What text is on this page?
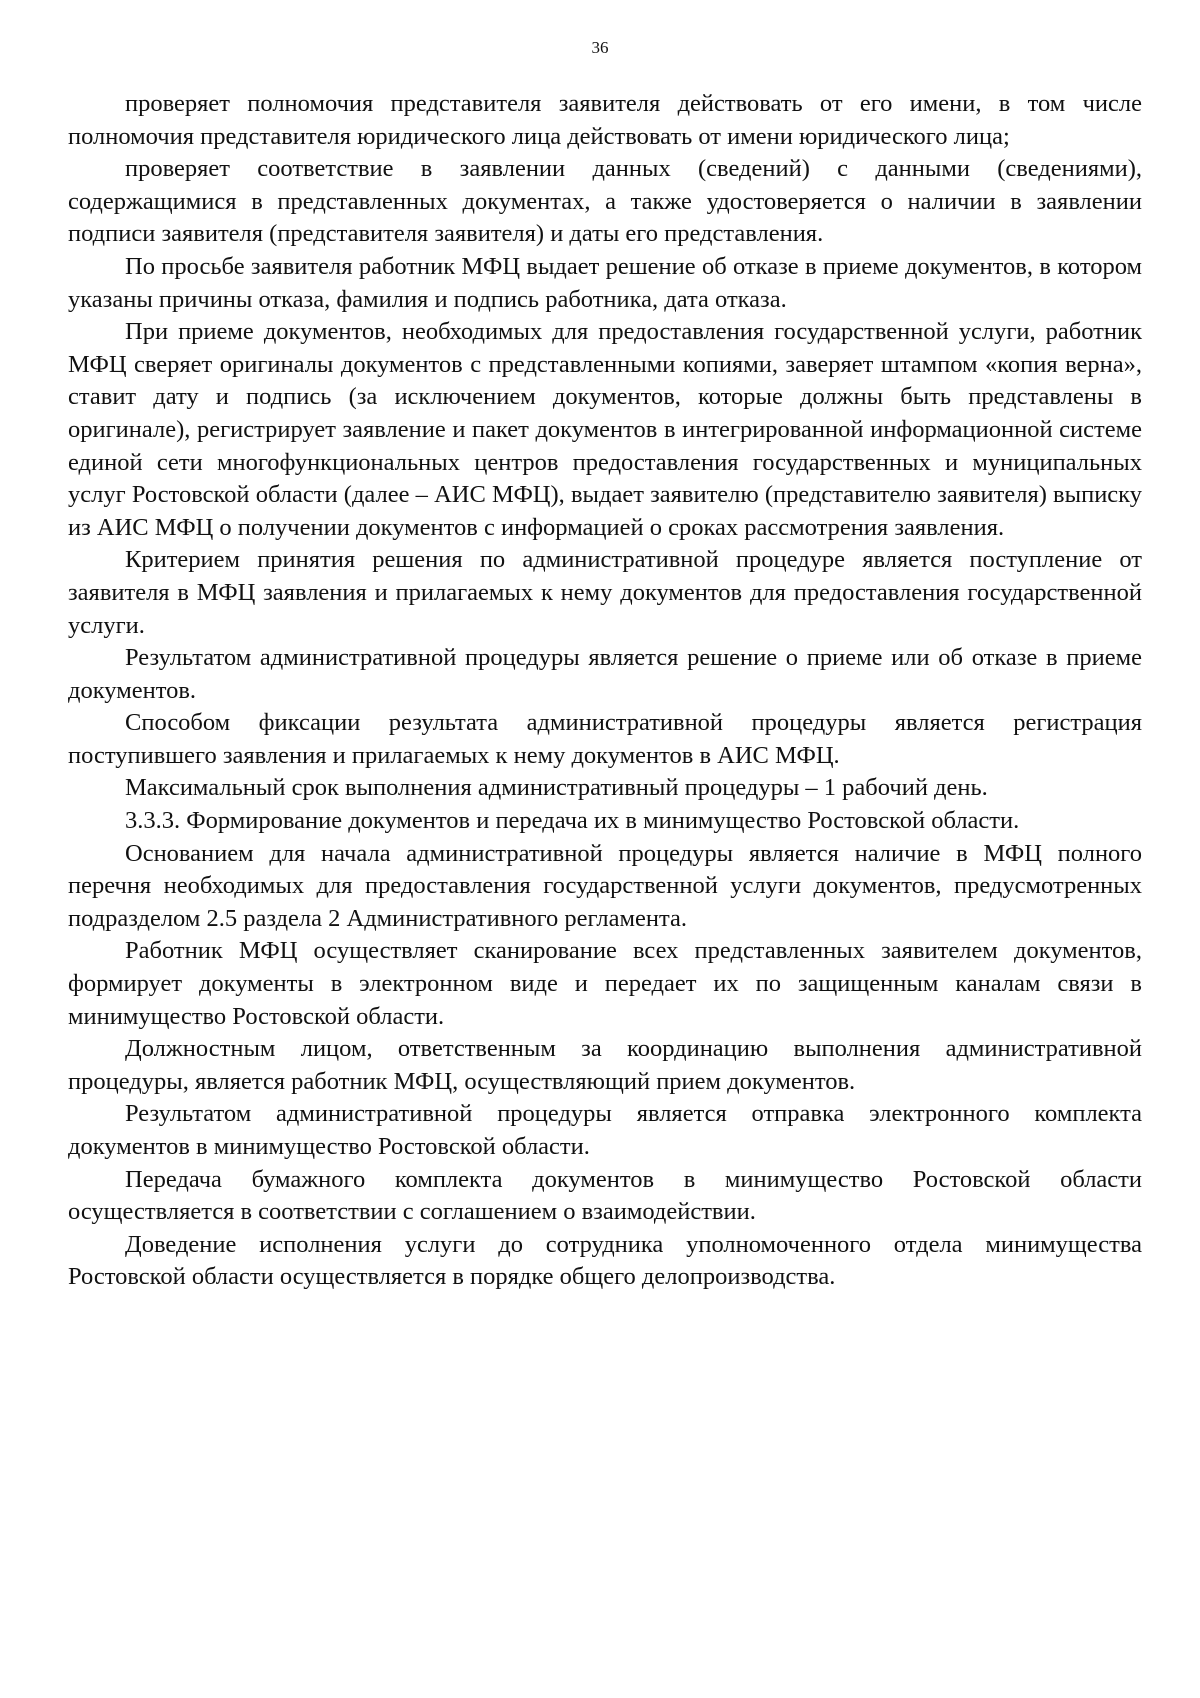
36

проверяет полномочия представителя заявителя действовать от его имени, в том числе полномочия представителя юридического лица действовать от имени юридического лица;

проверяет соответствие в заявлении данных (сведений) с данными (сведениями), содержащимися в представленных документах, а также удостоверяется о наличии в заявлении подписи заявителя (представителя заявителя) и даты его представления.

По просьбе заявителя работник МФЦ выдает решение об отказе в приеме документов, в котором указаны причины отказа, фамилия и подпись работника, дата отказа.

При приеме документов, необходимых для предоставления государственной услуги, работник МФЦ сверяет оригиналы документов с представленными копиями, заверяет штампом «копия верна», ставит дату и подпись (за исключением документов, которые должны быть представлены в оригинале), регистрирует заявление и пакет документов в интегрированной информационной системе единой сети многофункциональных центров предоставления государственных и муниципальных услуг Ростовской области (далее – АИС МФЦ), выдает заявителю (представителю заявителя) выписку из АИС МФЦ о получении документов с информацией о сроках рассмотрения заявления.

Критерием принятия решения по административной процедуре является поступление от заявителя в МФЦ заявления и прилагаемых к нему документов для предоставления государственной услуги.

Результатом административной процедуры является решение о приеме или об отказе в приеме документов.

Способом фиксации результата административной процедуры является регистрация поступившего заявления и прилагаемых к нему документов в АИС МФЦ.

Максимальный срок выполнения административный процедуры – 1 рабочий день.

3.3.3. Формирование документов и передача их в минимущество Ростовской области.

Основанием для начала административной процедуры является наличие в МФЦ полного перечня необходимых для предоставления государственной услуги документов, предусмотренных подразделом 2.5 раздела 2 Административного регламента.

Работник МФЦ осуществляет сканирование всех представленных заявителем документов, формирует документы в электронном виде и передает их по защищенным каналам связи в минимущество Ростовской области.

Должностным лицом, ответственным за координацию выполнения административной процедуры, является работник МФЦ, осуществляющий прием документов.

Результатом административной процедуры является отправка электронного комплекта документов в минимущество Ростовской области.

Передача бумажного комплекта документов в минимущество Ростовской области осуществляется в соответствии с соглашением о взаимодействии.

Доведение исполнения услуги до сотрудника уполномоченного отдела минимущества Ростовской области осуществляется в порядке общего делопроизводства.
